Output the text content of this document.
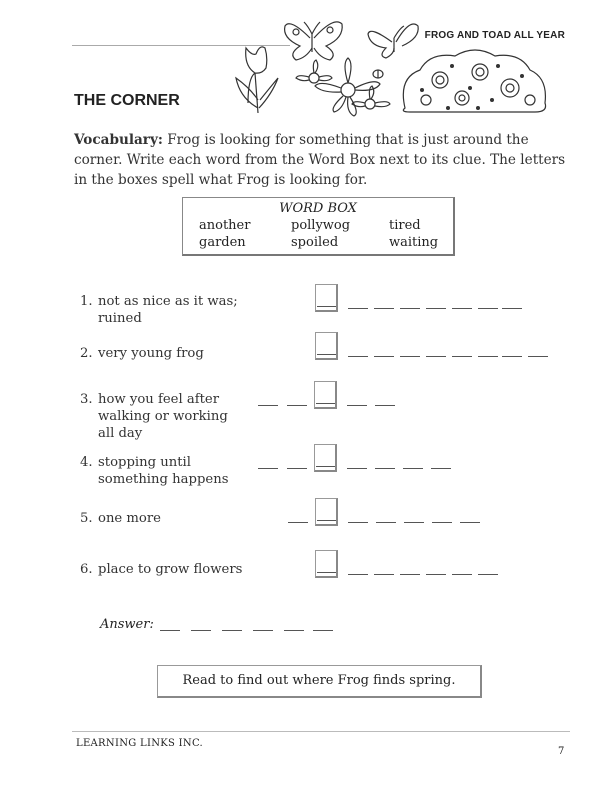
FROG AND TOAD ALL YEAR
THE CORNER
Vocabulary: Frog is looking for something that is just around the corner. Write each word from the Word Box next to its clue. The letters in the boxes spell what Frog is looking for.
WORD BOX
another	pollywog	tired
garden	spoiled	waiting
1. not as nice as it was;
ruined
2. very young frog
3. how you feel after
walking or working
all day
4. stopping until
something happens
5. one more
6. place to grow flowers
Answer:
Read to find out where Frog finds spring.
LEARNING LINKS INC.
7
